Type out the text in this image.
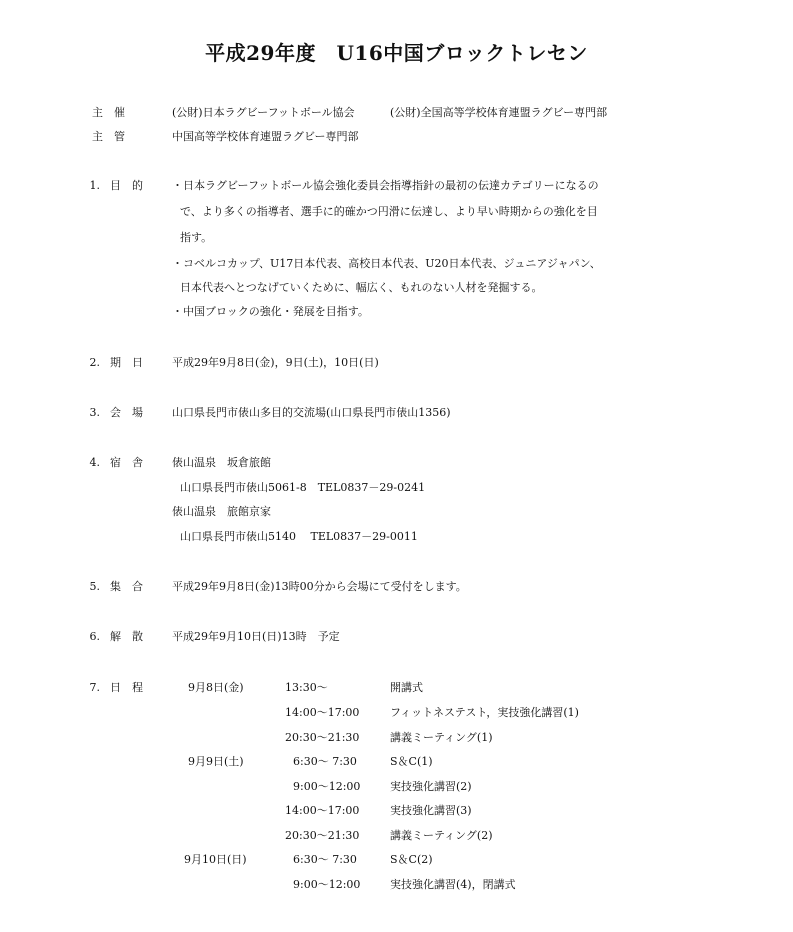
平成29年度　U16中国ブロックトレセン
主　催	(公財)日本ラグビーフットボール協会	(公財)全国高等学校体育連盟ラグビー専門部
主　管	中国高等学校体育連盟ラグビー専門部
1. 目　的	・日本ラグビーフットボール協会強化委員会指導指針の最初の伝達カテゴリーになるの
で、より多くの指導者、選手に的確かつ円滑に伝達し、より早い時期からの強化を目
指す。
・コベルコカップ、U17日本代表、高校日本代表、U20日本代表、ジュニアジャパン、
日本代表へとつなげていくために、幅広く、もれのない人材を発掘する。
・中国ブロックの強化・発展を目指す。
2. 期　日	平成29年9月8日(金)，9日(土)，10日(日)
3. 会　場	山口県長門市俵山多目的交流場(山口県長門市俵山1356)
4. 宿　舎	俵山温泉　坂倉旅館
山口県長門市俵山5061-8　TEL0837－29-0241
俵山温泉　旅館京家
山口県長門市俵山5140　 TEL0837－29-0011
5. 集　合	平成29年9月8日(金)13時00分から会場にて受付をします。
6. 解　散	平成29年9月10日(日)13時　予定
7. 日　程	9月8日(金)	13:30～	開講式
14:00～17:00	フィットネステスト，実技強化講習(1)
20:30～21:30	講義ミーティング(1)
9月9日(土)	6:30～ 7:30	S＆C(1)
9:00～12:00	実技強化講習(2)
14:00～17:00	実技強化講習(3)
20:30～21:30	講義ミーティング(2)
9月10日(日)	6:30～ 7:30	S＆C(2)
9:00～12:00	実技強化講習(4)，閉講式
